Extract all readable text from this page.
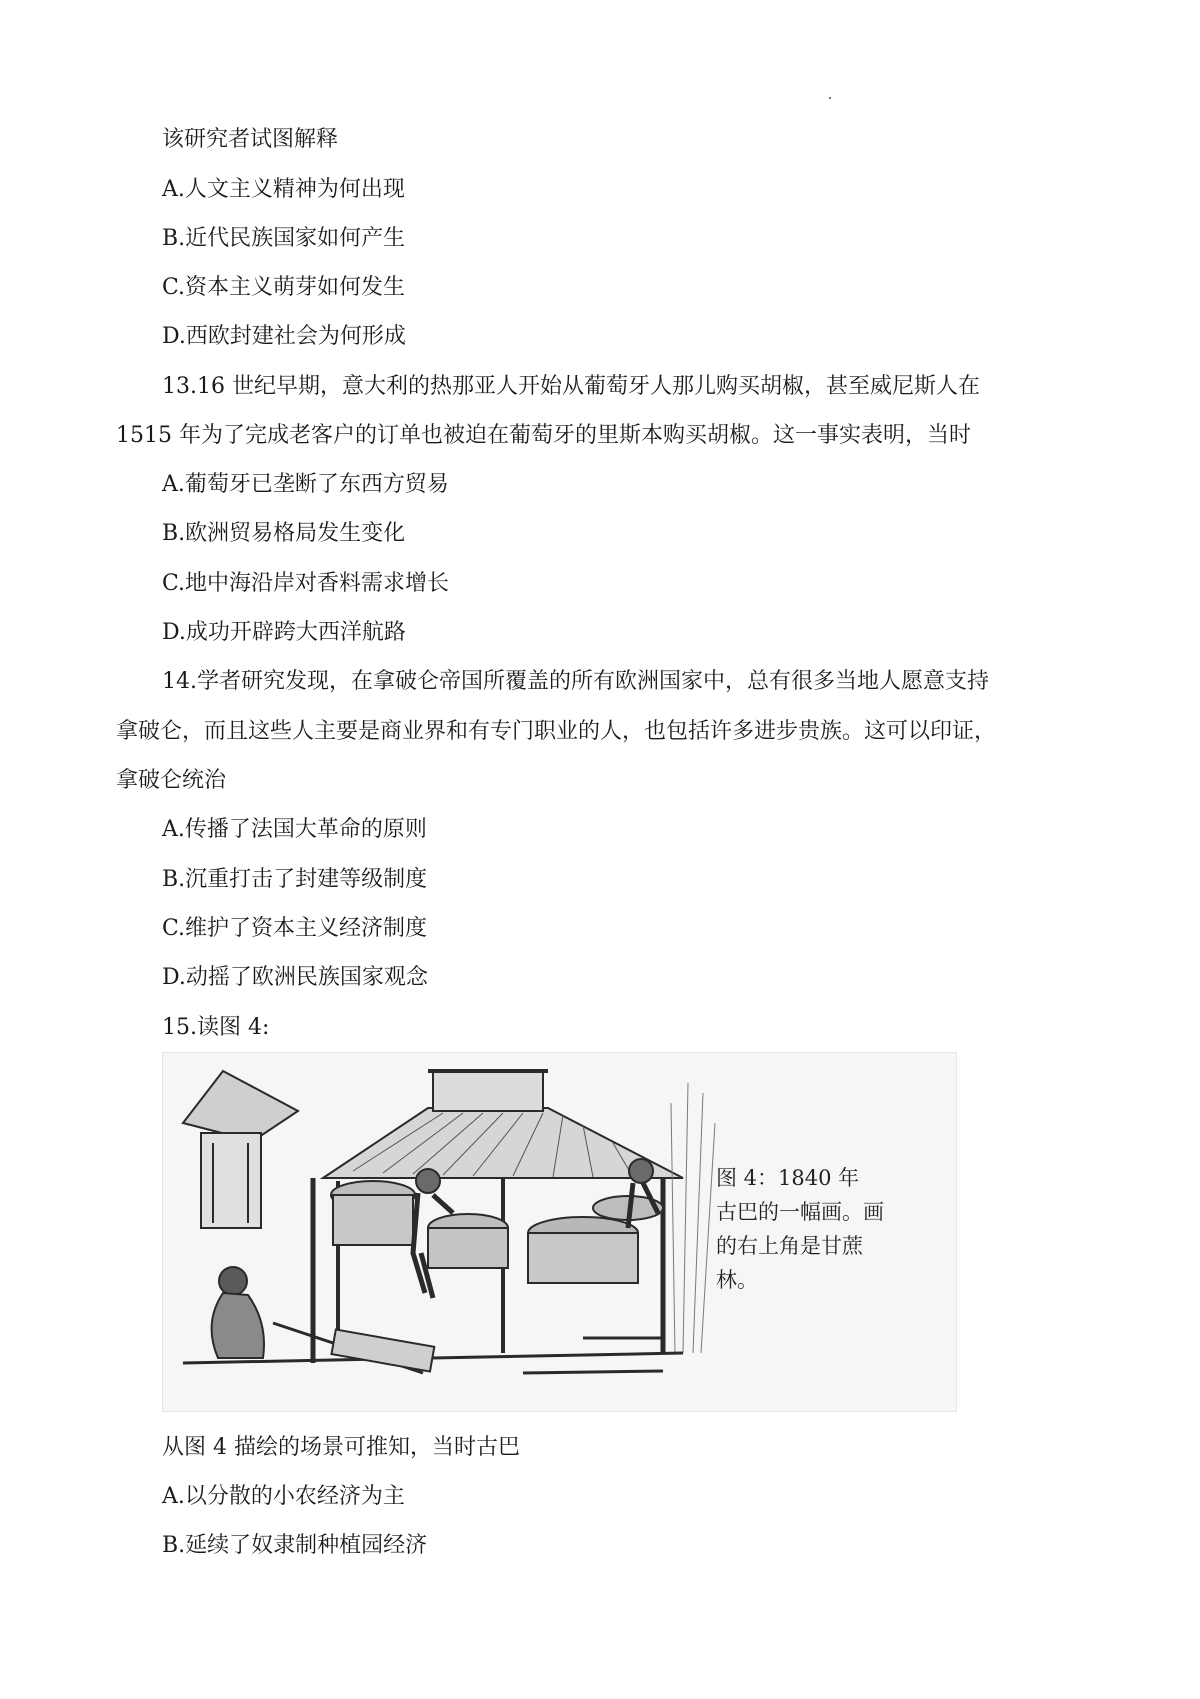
该研究者试图解释
A.人文主义精神为何出现
B.近代民族国家如何产生
C.资本主义萌芽如何发生
D.西欧封建社会为何形成
13.16 世纪早期，意大利的热那亚人开始从葡萄牙人那儿购买胡椒，甚至威尼斯人在
1515 年为了完成老客户的订单也被迫在葡萄牙的里斯本购买胡椒。这一事实表明，当时
A.葡萄牙已垄断了东西方贸易
B.欧洲贸易格局发生变化
C.地中海沿岸对香料需求增长
D.成功开辟跨大西洋航路
14.学者研究发现，在拿破仑帝国所覆盖的所有欧洲国家中，总有很多当地人愿意支持
拿破仑，而且这些人主要是商业界和有专门职业的人，也包括许多进步贵族。这可以印证，
拿破仑统治
A.传播了法国大革命的原则
B.沉重打击了封建等级制度
C.维护了资本主义经济制度
D.动摇了欧洲民族国家观念
15.读图 4:
图 4：1840 年
古巴的一幅画。画
的右上角是甘蔗
林。
从图 4 描绘的场景可推知，当时古巴
A.以分散的小农经济为主
B.延续了奴隶制种植园经济
